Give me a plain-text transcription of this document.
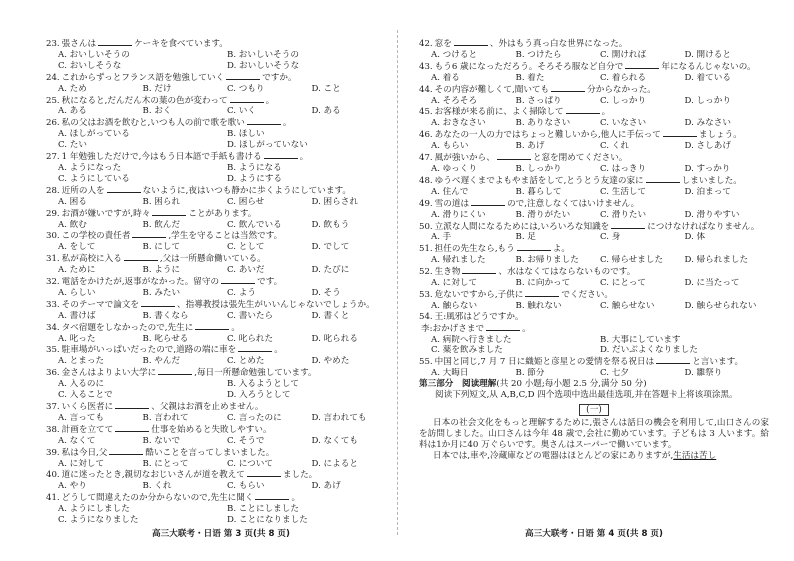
23. 張さんは	ケーキを食べています。
A. おいしいそうの	B. おいしいそうの
C. おいしそうな	D. おいしいそうな
24. これからずっとフランス語を勉強していく	ですか。
A. ため	B. だけ	C. つもり	D. こと
25. 秋になると,だんだん木の葉の色が変わって	。
A. ある	B. おく	C. いく	D. ある
26. 私の父はお酒を飲むと,いつも人の前で歌を歌い	。
A. ほしがっている	B. ほしい
C. たい	D. ほしがっていない
27. 1 年勉強しただけで,今はもう日本語で手紙も書ける	。
A. ようになった	B. ようになる
C. ようにしている	D. ようにする
28. 近所の人を	ないように,夜はいつも静かに歩くようにしています。
A. 困る	B. 困られ	C. 困らせ	D. 困らされ
29. お酒が嫌いですが,時々	ことがあります。
A. 飲む	B. 飲んだ	C. 飲んでいる	D. 飲もう
30. この学校の責任者	,学生を守ることは当然です。
A. をして	B. にして	C. として	D. でして
31. 私が高校に入る	,父は一所懸命働いている。
A. ために	B. ように	C. あいだ	D. たびに
32. 電話をかけたが,返事がなかった。留守の	です。
A. らしい	B. みたい	C. よう	D. そう
33. そのテーマで論文を	、指導教授は張先生がいいんじゃないでしょうか。
A. 書けば	B. 書くなら	C. 書いたら	D. 書くと
34. タベ宿題をしなかったので,先生に	。
A. 叱った	B. 叱らせる	C. 叱られた	D. 叱られる
35. 駐車場がいっぱいだったので,道路の端に車を	。
A. とまった	B. やんだ	C. とめた	D. やめた
36. 金さんはよりよい大学に	,毎日一所懸命勉強しています。
A. 入るのに	B. 入るようとして
C. 入ることで	D. 入ろうとして
37. いくら医者に	、父親はお酒を止めません。
A. 言っても	B. 言われて	C. 言ったのに	D. 言われても
38. 計画を立てて	仕事を始めると失敗しやすい。
A. なくて	B. ないで	C. そうで	D. なくても
39. 私は今日,父	酷いことを言ってしまいました。
A. に対して	B. にとって	C. について	D. によると
40. 道に迷ったとき,親切なおじいさんが道を教えて	ました。
A. やり	B. くれ	C. もらい	D. あげ
41. どうして間違えたのか分からないので,先生に聞く	。
A. ようにしました	B. ことにしました
C. ようになりました	D. ことになりました
42. 窓を	、外はもう真っ白な世界になった。
A. つけると	B. つけたら	C. 開ければ	D. 開けると
43. もう6 歳になっただろう。そろそろ服など自分で	年になるんじゃないの。
A. 着る	B. 着た	C. 着られる	D. 着ている
44. その内容が難しくて,聞いても	分からなかった。
A. そろそろ	B. さっぱり	C. しっかり	D. しっかり
45. お客様が来る前に、よく掃除して	。
A. おきなさい	B. ありなさい	C. いなさい	D. みなさい
46. あなたの一人の力ではちょっと難しいから,他人に手伝って	ましょう。
A. もらい	B. あげ	C. くれ	D. さしあげ
47. 風が強いから、	と窓を閉めてください。
A. ゆっくり	B. しっかり	C. はっきり	D. すっかり
48. ゆうべ遅くまでよもやま話をして,とうとう友達の家に	しまいました。
A. 住んで	B. 暮らして	C. 生活して	D. 泊まって
49. 雪の道は	ので,注意しなくてはいけません。
A. 滑りにくい	B. 滑りがたい	C. 滑りたい	D. 滑りやすい
50. 立派な人間になるためには,いろいろな知識を	につけなければなりません。
A. 手	B. 足	C. 身	D. 体
51. 担任の先生なら,もう	よ。
A. 帰れました	B. お帰りました	C. 帰らせました	D. 帰られました
52. 生き物	、水はなくてはならないものです。
A. に対して	B. に向かって	C. にとって	D. に当たって
53. 危ないですから,子供に	でください。
A. 触らない	B. 触れない	C. 触らせない	D. 触らせられない
54. 王:風邪はどうですか。
李:おかげさまで	。
A. 病院へ行きました	B. 大事にしています
C. 薬を飲みました	D. だいぶよくなりました
55. 中国と同じ,7 月 7 日に織姫と彦星との愛情を祭る祝日は	と言います。
A. 大晦日	B. 節分	C. 七夕	D. 雛祭り
第三部分　阅读理解(共 20 小题;每小题 2.5 分,满分 50 分)
阅读下列短文,从 A,B,C,D 四个选项中选出最佳选项,并在答题卡上将该项涂黑。
(一)
日本の社会文化をもっと理解するために,張さんは話日の機会を利用して,山口さんの家を訪問しました。山口さんは今年 48 歳で,会社に勤めています。子どもは 3 人います。給料は1か月に40 万ぐらいです。奥さんはスーパーで働いています。
日本では,車や,冷蔵庫などの電器はほとんどの家にありますが,生活は苦し
高三大联考・日语 第 3 页(共 8 页)	高三大联考・日语 第 4 页(共 8 页)
